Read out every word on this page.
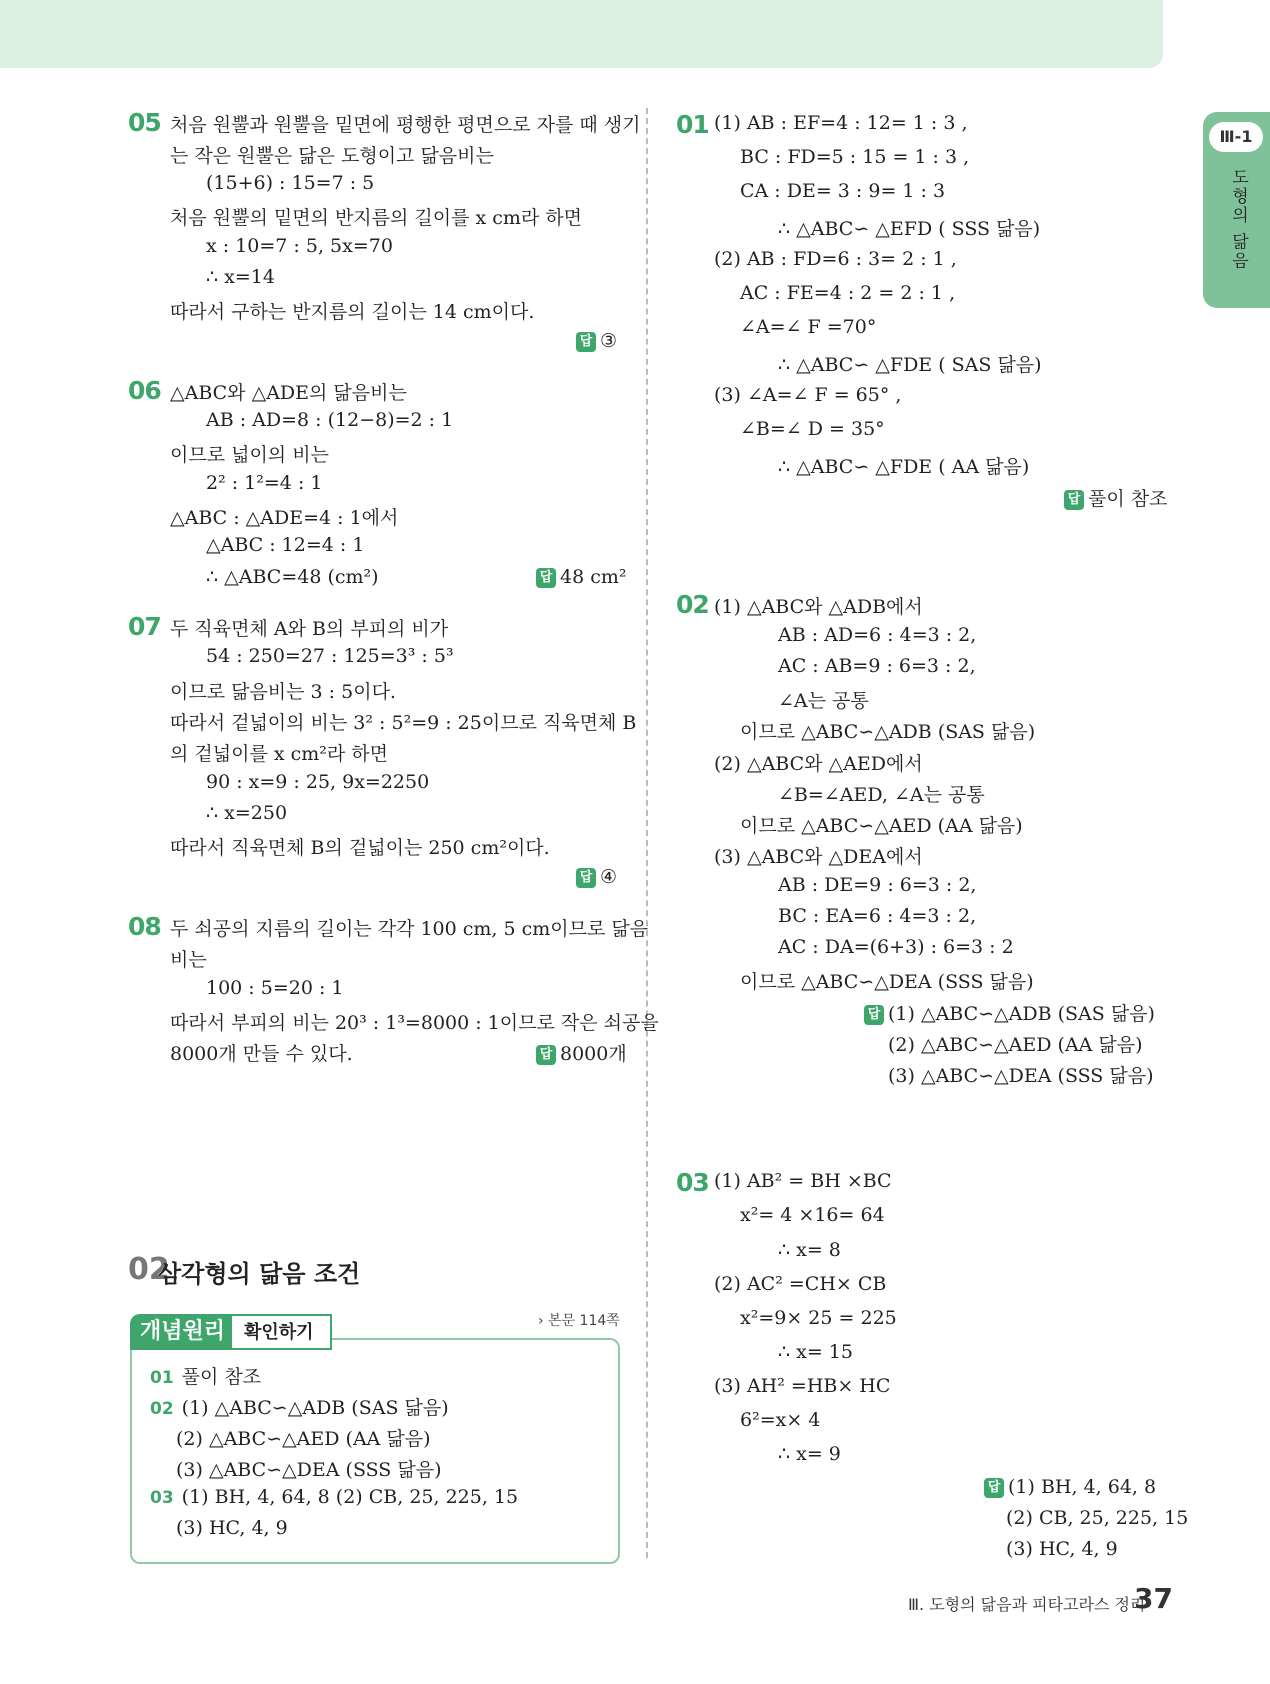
Ⅲ-1
도형의 닮음
05 처음 원뿔과 원뿔을 밑면에 평행한 평면으로 자를 때 생기
는 작은 원뿔은 닮은 도형이고 닮음비는
(15+6) : 15=7 : 5
처음 원뿔의 밑면의 반지름의 길이를 x cm라 하면
x : 10=7 : 5, 5x=70
∴ x=14
따라서 구하는 반지름의 길이는 14 cm이다.
답 ③
06 △ABC와 △ADE의 닮음비는
AB : AD=8 : (12−8)=2 : 1
이므로 넓이의 비는
2² : 1²=4 : 1
△ABC : △ADE=4 : 1에서
△ABC : 12=4 : 1
∴ △ABC=48 (cm²)	답 48 cm²
07 두 직육면체 A와 B의 부피의 비가
54 : 250=27 : 125=3³ : 5³
이므로 닮음비는 3 : 5이다.
따라서 겉넓이의 비는 3² : 5²=9 : 25이므로 직육면체 B
의 겉넓이를 x cm²라 하면
90 : x=9 : 25, 9x=2250
∴ x=250
따라서 직육면체 B의 겉넓이는 250 cm²이다.
답 ④
08 두 쇠공의 지름의 길이는 각각 100 cm, 5 cm이므로 닮음
비는
100 : 5=20 : 1
따라서 부피의 비는 20³ : 1³=8000 : 1이므로 작은 쇠공을
8000개 만들 수 있다.	답 8000개
02
삼각형의 닮음 조건
› 본문 114쪽
개념원리	확인하기
01 풀이 참조
02 (1) △ABC∽△ADB (SAS 닮음)
(2) △ABC∽△AED (AA 닮음)
(3) △ABC∽△DEA (SSS 닮음)
03 (1) BH, 4, 64, 8 (2) CB, 25, 225, 15
(3) HC, 4, 9
01 (1) AB : EF=4 : 12= 1 : 3 ,
BC : FD=5 : 15 = 1 : 3 ,
CA : DE= 3 : 9= 1 : 3
∴ △ABC∽ △EFD ( SSS 닮음)
(2) AB : FD=6 : 3= 2 : 1 ,
AC : FE=4 : 2 = 2 : 1 ,
∠A=∠ F =70°
∴ △ABC∽ △FDE ( SAS 닮음)
(3) ∠A=∠ F = 65° ,
∠B=∠ D = 35°
∴ △ABC∽ △FDE ( AA 닮음)
답 풀이 참조
02 (1) △ABC와 △ADB에서
AB : AD=6 : 4=3 : 2,
AC : AB=9 : 6=3 : 2,
∠A는 공통
이므로 △ABC∽△ADB (SAS 닮음)
(2) △ABC와 △AED에서
∠B=∠AED, ∠A는 공통
이므로 △ABC∽△AED (AA 닮음)
(3) △ABC와 △DEA에서
AB : DE=9 : 6=3 : 2,
BC : EA=6 : 4=3 : 2,
AC : DA=(6+3) : 6=3 : 2
이므로 △ABC∽△DEA (SSS 닮음)
답 (1) △ABC∽△ADB (SAS 닮음)
(2) △ABC∽△AED (AA 닮음)
(3) △ABC∽△DEA (SSS 닮음)
03 (1) AB² = BH ×BC
x²= 4 ×16= 64
∴ x= 8
(2) AC² =CH× CB
x²=9× 25 = 225
∴ x= 15
(3) AH² =HB× HC
6²=x× 4
∴ x= 9
답 (1) BH, 4, 64, 8
(2) CB, 25, 225, 15
(3) HC, 4, 9
Ⅲ. 도형의 닮음과 피타고라스 정리
37
